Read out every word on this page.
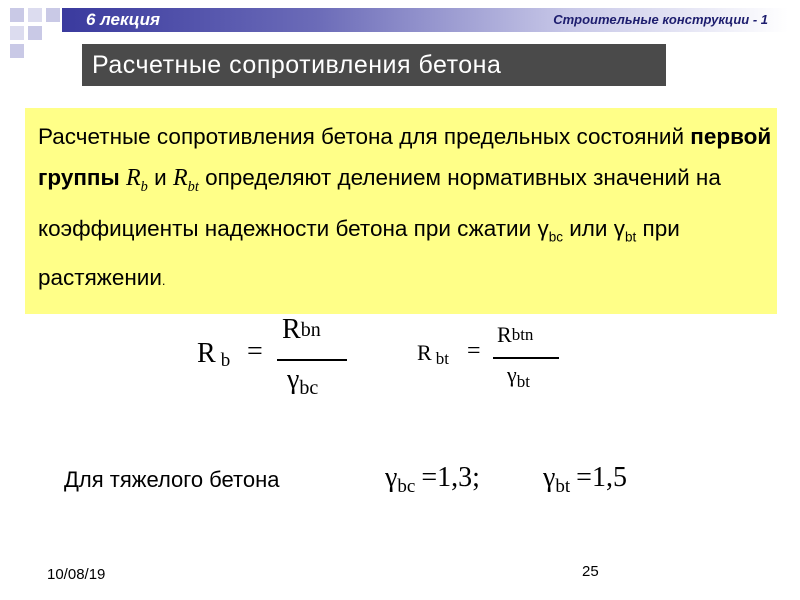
6 лекция	Строительные конструкции - 1
Расчетные сопротивления бетона
Расчетные сопротивления бетона для предельных состояний первой группы $R_b$ и $R_{bt}$ определяют делением нормативных значений на коэффициенты надежности бетона при сжатии $\gamma_{bc}$ или $\gamma_{bt}$ при растяжении.
R b =
Rbn
$\gamma_{bc}$
R bt =
Rbtn
$\gamma_{bt}$
Для тяжелого бетона	$\gamma_{bc} =1,3$; $\gamma_{bt} =1,5$
10/08/19	25
